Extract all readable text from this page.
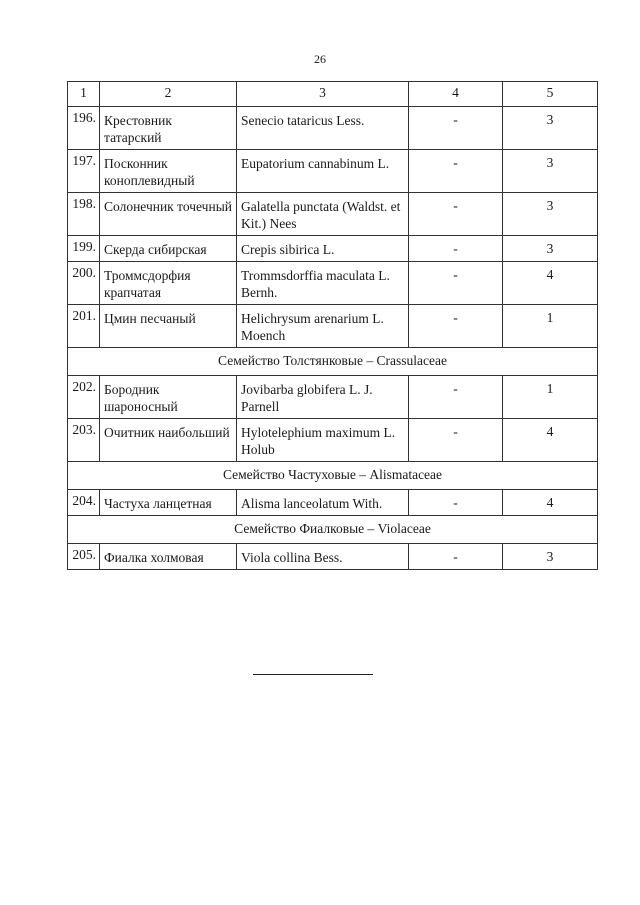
26
1	2	3	4	5
196.	Крестовник татарский	Senecio tataricus Less.	-	3
197.	Посконник коноплевидный	Eupatorium cannabinum L.	-	3
198.	Солонечник точечный	Galatella punctata (Waldst. et Kit.) Nees	-	3
199.	Скерда сибирская	Crepis sibirica L.	-	3
200.	Троммсдорфия крапчатая	Trommsdorffia maculata L. Bernh.	-	4
201.	Цмин песчаный	Helichrysum arenarium L. Moench	-	1
Семейство Толстянковые – Crassulaceae				
202.	Бородник шароносный	Jovibarba globifera L. J. Parnell	-	1
203.	Очитник наибольший	Hylotelephium maximum L. Holub	-	4
Семейство Частуховые – Alismataceae				
204.	Частуха ланцетная	Alisma lanceolatum With.	-	4
Семейство Фиалковые – Violaceae				
205.	Фиалка холмовая	Viola collina Bess.	-	3
